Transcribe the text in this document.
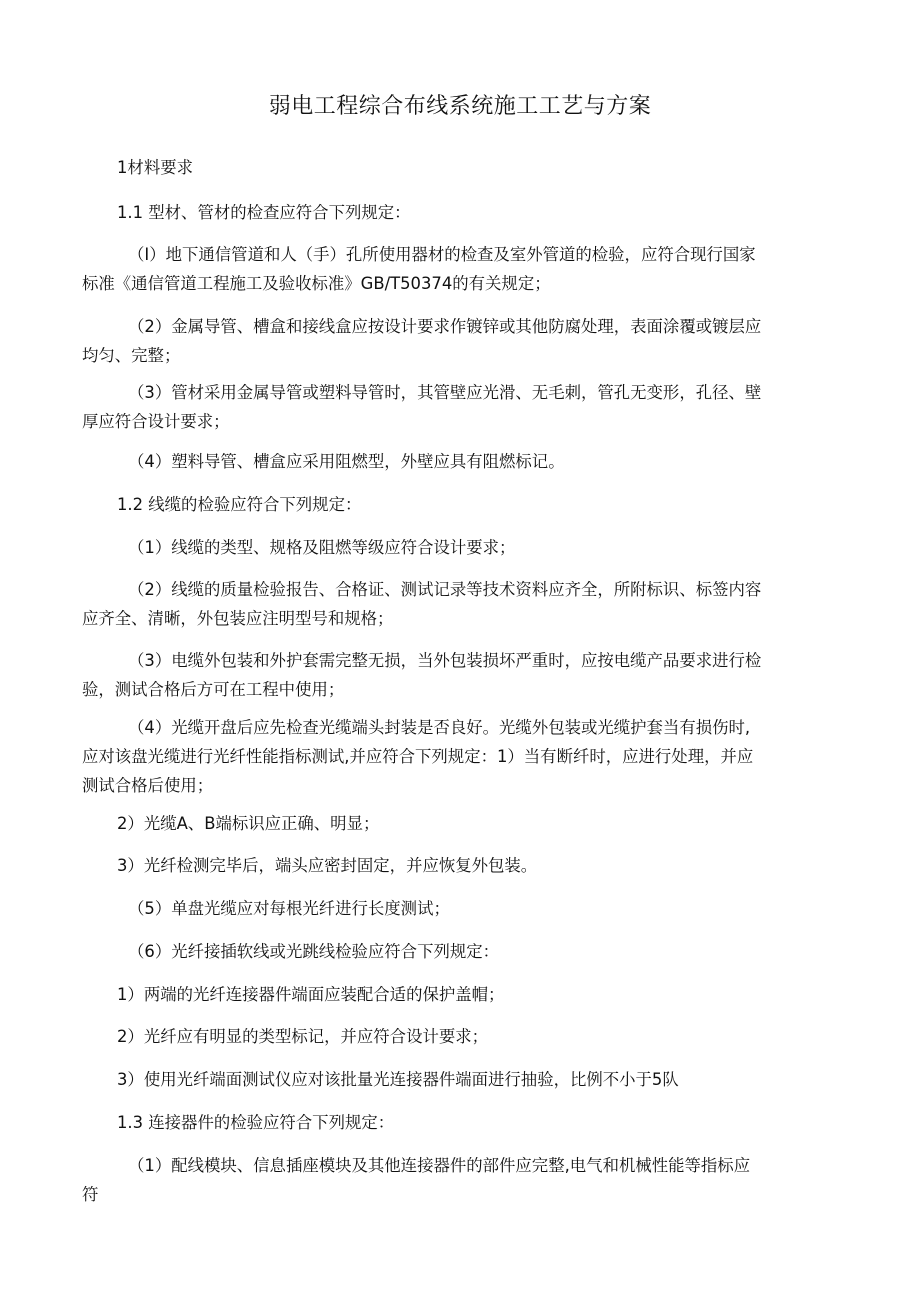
弱电工程综合布线系统施工工艺与方案
1材料要求
1.1 型材、管材的检查应符合下列规定：
（I）地下通信管道和人（手）孔所使用器材的检查及室外管道的检验，应符合现行国家
标准《通信管道工程施工及验收标准》GB/T50374的有关规定；
（2）金属导管、槽盒和接线盒应按设计要求作镀锌或其他防腐处理，表面涂覆或镀层应
均匀、完整；
（3）管材采用金属导管或塑料导管时，其管壁应光滑、无毛刺，管孔无变形，孔径、壁
厚应符合设计要求；
（4）塑料导管、槽盒应采用阻燃型，外壁应具有阻燃标记。
1.2 线缆的检验应符合下列规定：
（1）线缆的类型、规格及阻燃等级应符合设计要求；
（2）线缆的质量检验报告、合格证、测试记录等技术资料应齐全，所附标识、标签内容
应齐全、清晰，外包装应注明型号和规格；
（3）电缆外包装和外护套需完整无损，当外包装损坏严重时，应按电缆产品要求进行检
验，测试合格后方可在工程中使用；
（4）光缆开盘后应先检查光缆端头封装是否良好。光缆外包装或光缆护套当有损伤时,
应对该盘光缆进行光纤性能指标测试,并应符合下列规定：1）当有断纤时，应进行处理，并应
测试合格后使用；
2）光缆A、B端标识应正确、明显；
3）光纤检测完毕后，端头应密封固定，并应恢复外包装。
（5）单盘光缆应对每根光纤进行长度测试；
（6）光纤接插软线或光跳线检验应符合下列规定：
1）两端的光纤连接器件端面应装配合适的保护盖帽；
2）光纤应有明显的类型标记，并应符合设计要求；
3）使用光纤端面测试仪应对该批量光连接器件端面进行抽验，比例不小于5队
1.3 连接器件的检验应符合下列规定：
（1）配线模块、信息插座模块及其他连接器件的部件应完整,电气和机械性能等指标应
符
